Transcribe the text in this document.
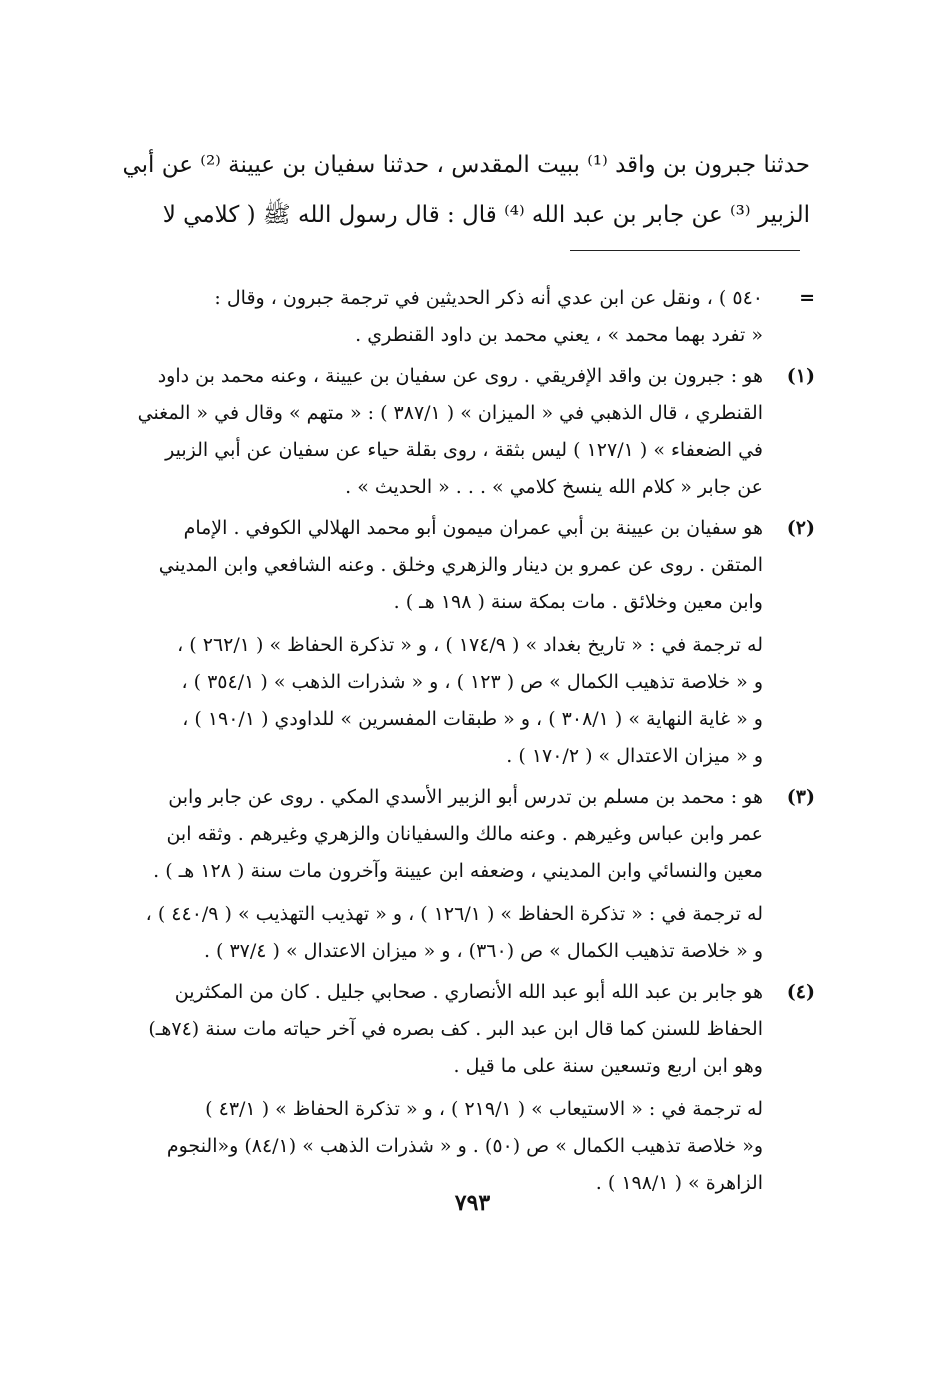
حدثنا جبرون بن واقد ⁽¹⁾ ببيت المقدس ، حدثنا سفيان بن عيينة ⁽²⁾ عن أبي
الزبير ⁽³⁾ عن جابر بن عبد الله ⁽⁴⁾ قال : قال رسول الله ﷺ ( كلامي لا
=
٥٤٠ ) ، ونقل عن ابن عدي أنه ذكر الحديثين في ترجمة جبرون ، وقال :
« تفرد بهما محمد » ، يعني محمد بن داود القنطري .
(١)
هو : جبرون بن واقد الإفريقي . روى عن سفيان بن عيينة ، وعنه محمد بن داود
القنطري ، قال الذهبي في « الميزان » ( ٣٨٧/١ ) : « متهم » وقال في « المغني
في الضعفاء » ( ١٢٧/١ ) ليس بثقة ، روى بقلة حياء عن سفيان عن أبي الزبير
عن جابر « كلام الله ينسخ كلامي » . . . « الحديث » .
(٢)
هو سفيان بن عيينة بن أبي عمران ميمون أبو محمد الهلالي الكوفي . الإمام
المتقن . روى عن عمرو بن دينار والزهري وخلق . وعنه الشافعي وابن المديني
وابن معين وخلائق . مات بمكة سنة ( ١٩٨ هـ ) .
له ترجمة في : « تاريخ بغداد » ( ١٧٤/٩ ) ، و « تذكرة الحفاظ » ( ٢٦٢/١ ) ،
و « خلاصة تذهيب الكمال » ص ( ١٢٣ ) ، و « شذرات الذهب » ( ٣٥٤/١ ) ،
و « غاية النهاية » ( ٣٠٨/١ ) ، و « طبقات المفسرين » للداودي ( ١٩٠/١ ) ،
و « ميزان الاعتدال » ( ١٧٠/٢ ) .
(٣)
هو : محمد بن مسلم بن تدرس أبو الزبير الأسدي المكي . روى عن جابر وابن
عمر وابن عباس وغيرهم . وعنه مالك والسفيانان والزهري وغيرهم . وثقه ابن
معين والنسائي وابن المديني ، وضعفه ابن عيينة وآخرون مات سنة ( ١٢٨ هـ ) .
له ترجمة في : « تذكرة الحفاظ » ( ١٢٦/١ ) ، و « تهذيب التهذيب » ( ٤٤٠/٩ ) ،
و « خلاصة تذهيب الكمال » ص (٣٦٠) ، و « ميزان الاعتدال » ( ٣٧/٤ ) .
(٤)
هو جابر بن عبد الله أبو عبد الله الأنصاري . صحابي جليل . كان من المكثرين
الحفاظ للسنن كما قال ابن عبد البر . كف بصره في آخر حياته مات سنة (٧٤هـ)
وهو ابن اربع وتسعين سنة على ما قيل .
له ترجمة في : « الاستيعاب » ( ٢١٩/١ ) ، و « تذكرة الحفاظ » ( ٤٣/١ )
و« خلاصة تذهيب الكمال » ص (٥٠) . و « شذرات الذهب » (٨٤/١) و«النجوم
الزاهرة » ( ١٩٨/١ ) .
٧٩٣
